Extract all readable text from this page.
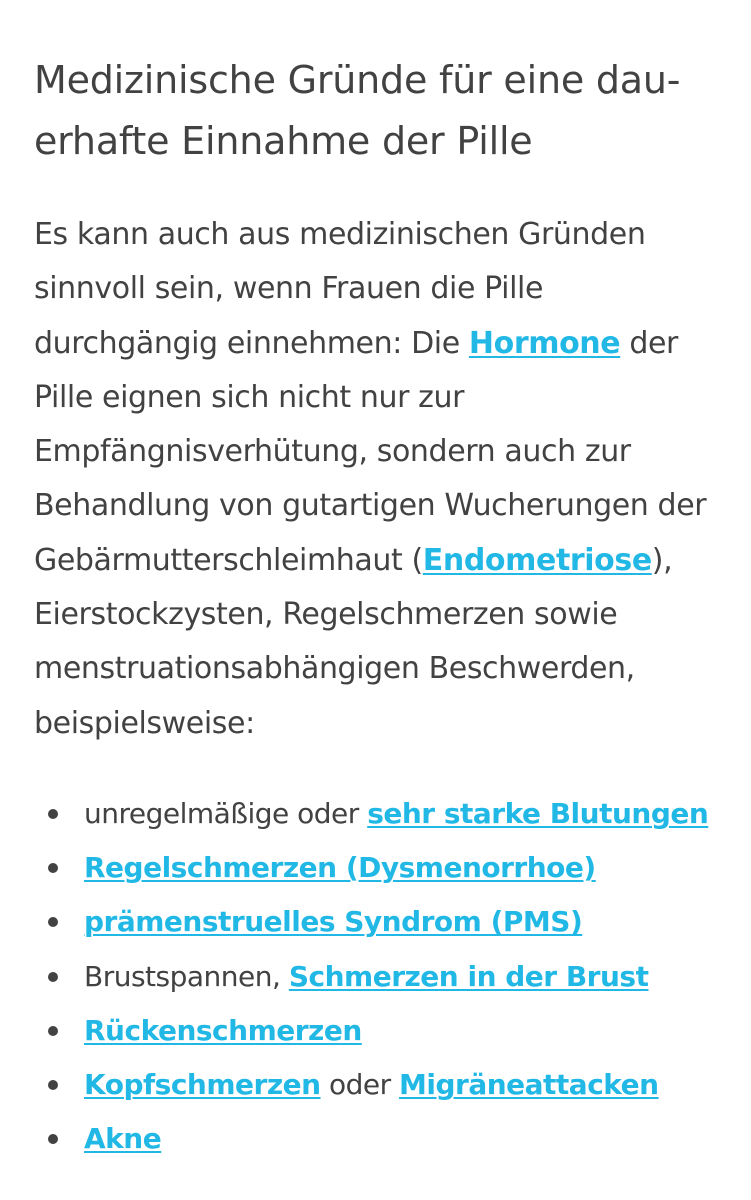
Medizinische Gründe für eine dau-
erhafte Einnahme der Pille

Es kann auch aus medizinischen Gründen sinnvoll sein, wenn Frauen die Pille durchgängig einnehmen: Die Hormone der Pille eignen sich nicht nur zur Empfängnisverhütung, sondern auch zur Behandlung von gutartigen Wucherungen der Gebärmutterschleimhaut (Endometriose), Eierstockzysten, Regelschmerzen sowie menstruationsabhängigen Beschwerden, beispielsweise:

unregelmäßige oder sehr starke Blutungen
Regelschmerzen (Dysmenorrhoe)
prämenstruelles Syndrom (PMS)
Brustspannen, Schmerzen in der Brust
Rückenschmerzen
Kopfschmerzen oder Migräneattacken
Akne
